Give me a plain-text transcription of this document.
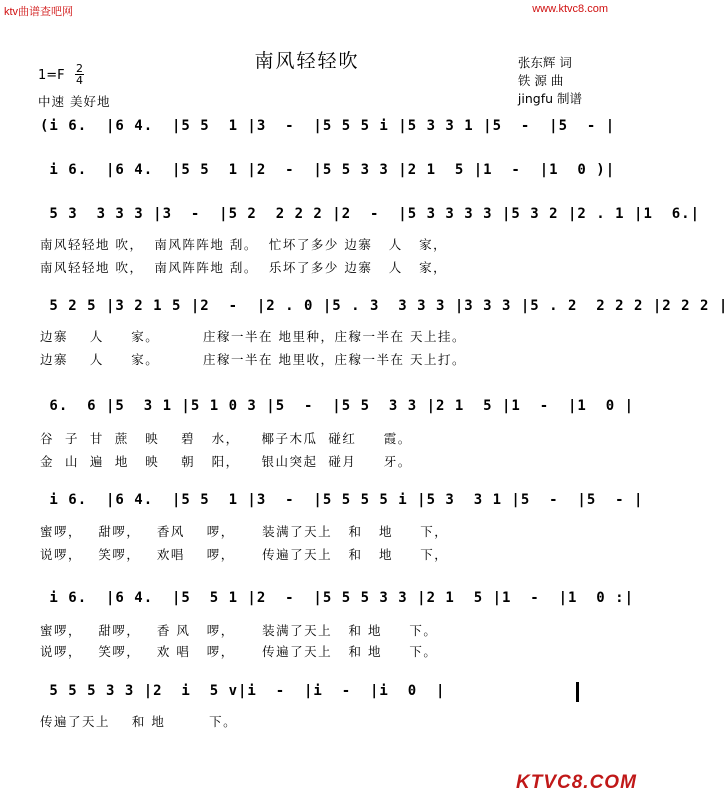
ktv曲谱查吧网	www.ktvc8.com
南风轻轻吹	张东辉 词
铁 源 曲
jingfu 制谱
1=F 2
4
中速 美好地
(i 6.  |6 4.  |5 5  1 |3  -  |5 5 5 i |5 3 3 1 |5  -  |5  - |
i 6.  |6 4.  |5 5  1 |2  -  |5 5 3 3 |2 1  5 |1  -  |1  0 )|
5 3  3 3 3 |3  -  |5 2  2 2 2 |2  -  |5 3 3 3 3 |5 3 2 |2 . 1 |1  6.|
南风轻轻地 吹，  南风阵阵地 刮。  忙坏了多少 边寨   人   家，
南风轻轻地 吹，  南风阵阵地 刮。  乐坏了多少 边寨   人   家，
5 2 5 |3 2 1 5 |2  -  |2 . 0 |5 . 3  3 3 3 |3 3 3 |5 . 2  2 2 2 |2 2 2 |
边寨    人     家。        庄稼一半在 地里种，庄稼一半在 天上挂。
边寨    人     家。        庄稼一半在 地里收，庄稼一半在 天上打。
6.  6 |5  3 1 |5 1 0 3 |5  -  |5 5  3 3 |2 1  5 |1  -  |1  0 |
谷  子  甘  蔗   映    碧   水，    椰子木瓜  碰红     霞。
金  山  遍  地   映    朝   阳，    银山突起  碰月     牙。
i 6.  |6 4.  |5 5  1 |3  -  |5 5 5 5 i |5 3  3 1 |5  -  |5  - |
蜜啰，   甜啰，   香风    啰，     装满了天上   和   地     下，
说啰，   笑啰，   欢唱    啰，     传遍了天上   和   地     下，
i 6.  |6 4.  |5  5 1 |2  -  |5 5 5 3 3 |2 1  5 |1  -  |1  0 :|
蜜啰，   甜啰，   香 风   啰，     装满了天上   和 地     下。
说啰，   笑啰，   欢 唱   啰，     传遍了天上   和 地     下。
5 5 5 3 3 |2  i  5 v|i  -  |i  -  |i  0  |
传遍了天上    和 地        下。
KTVC8.COM
